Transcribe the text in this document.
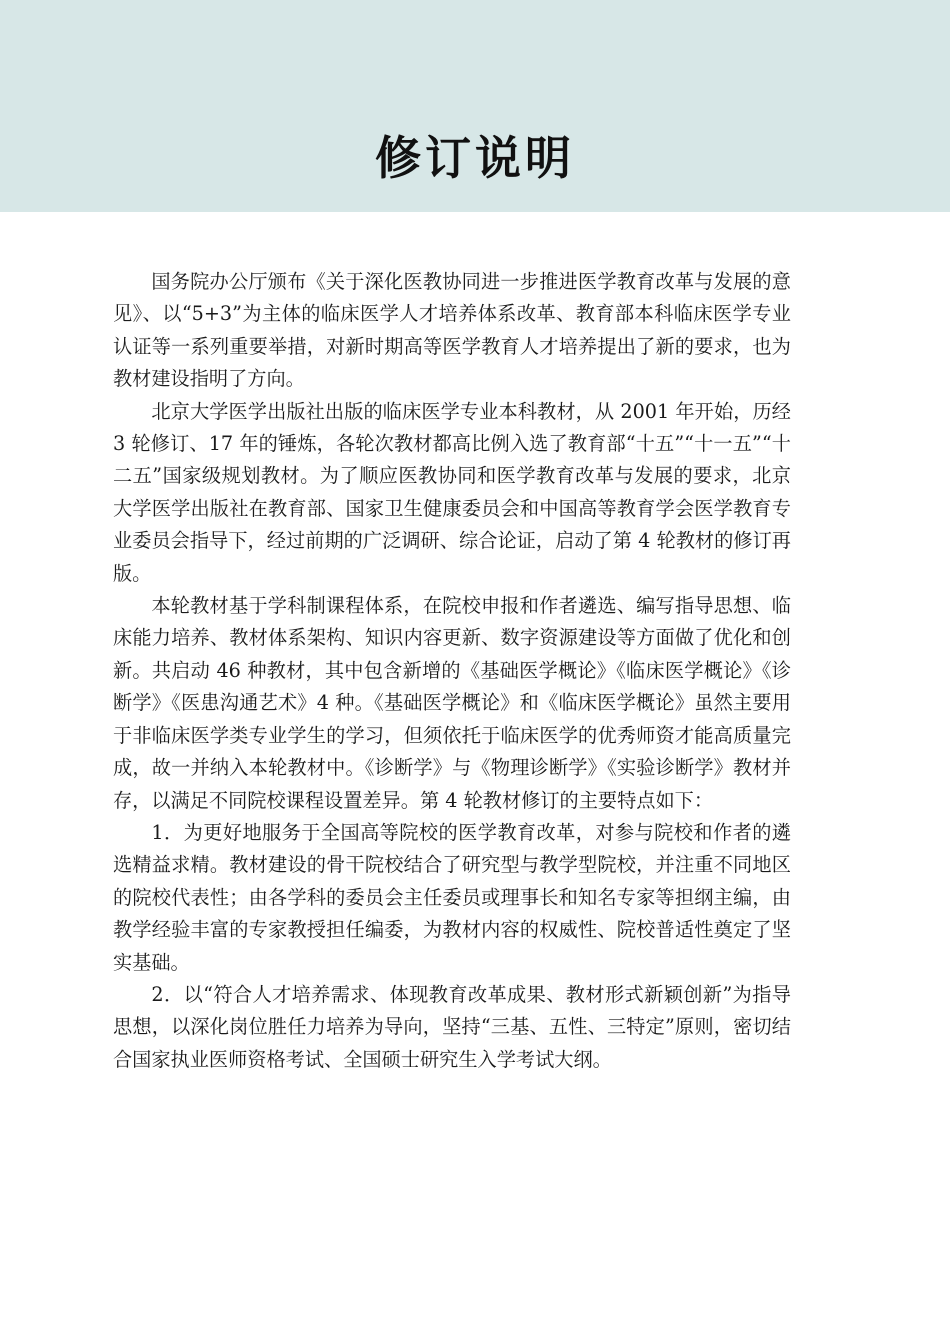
修订说明

国务院办公厅颁布《关于深化医教协同进一步推进医学教育改革与发展的意见》、以“5+3”为主体的临床医学人才培养体系改革、教育部本科临床医学专业认证等一系列重要举措，对新时期高等医学教育人才培养提出了新的要求，也为教材建设指明了方向。

北京大学医学出版社出版的临床医学专业本科教材，从 2001 年开始，历经 3 轮修订、17 年的锤炼，各轮次教材都高比例入选了教育部“十五”“十一五”“十二五”国家级规划教材。为了顺应医教协同和医学教育改革与发展的要求，北京大学医学出版社在教育部、国家卫生健康委员会和中国高等教育学会医学教育专业委员会指导下，经过前期的广泛调研、综合论证，启动了第 4 轮教材的修订再版。

本轮教材基于学科制课程体系，在院校申报和作者遴选、编写指导思想、临床能力培养、教材体系架构、知识内容更新、数字资源建设等方面做了优化和创新。共启动 46 种教材，其中包含新增的《基础医学概论》《临床医学概论》《诊断学》《医患沟通艺术》4 种。《基础医学概论》和《临床医学概论》虽然主要用于非临床医学类专业学生的学习，但须依托于临床医学的优秀师资才能高质量完成，故一并纳入本轮教材中。《诊断学》与《物理诊断学》《实验诊断学》教材并存，以满足不同院校课程设置差异。第 4 轮教材修订的主要特点如下：

1．为更好地服务于全国高等院校的医学教育改革，对参与院校和作者的遴选精益求精。教材建设的骨干院校结合了研究型与教学型院校，并注重不同地区的院校代表性；由各学科的委员会主任委员或理事长和知名专家等担纲主编，由教学经验丰富的专家教授担任编委，为教材内容的权威性、院校普适性奠定了坚实基础。

2．以“符合人才培养需求、体现教育改革成果、教材形式新颖创新”为指导思想，以深化岗位胜任力培养为导向，坚持“三基、五性、三特定”原则，密切结合国家执业医师资格考试、全国硕士研究生入学考试大纲。
